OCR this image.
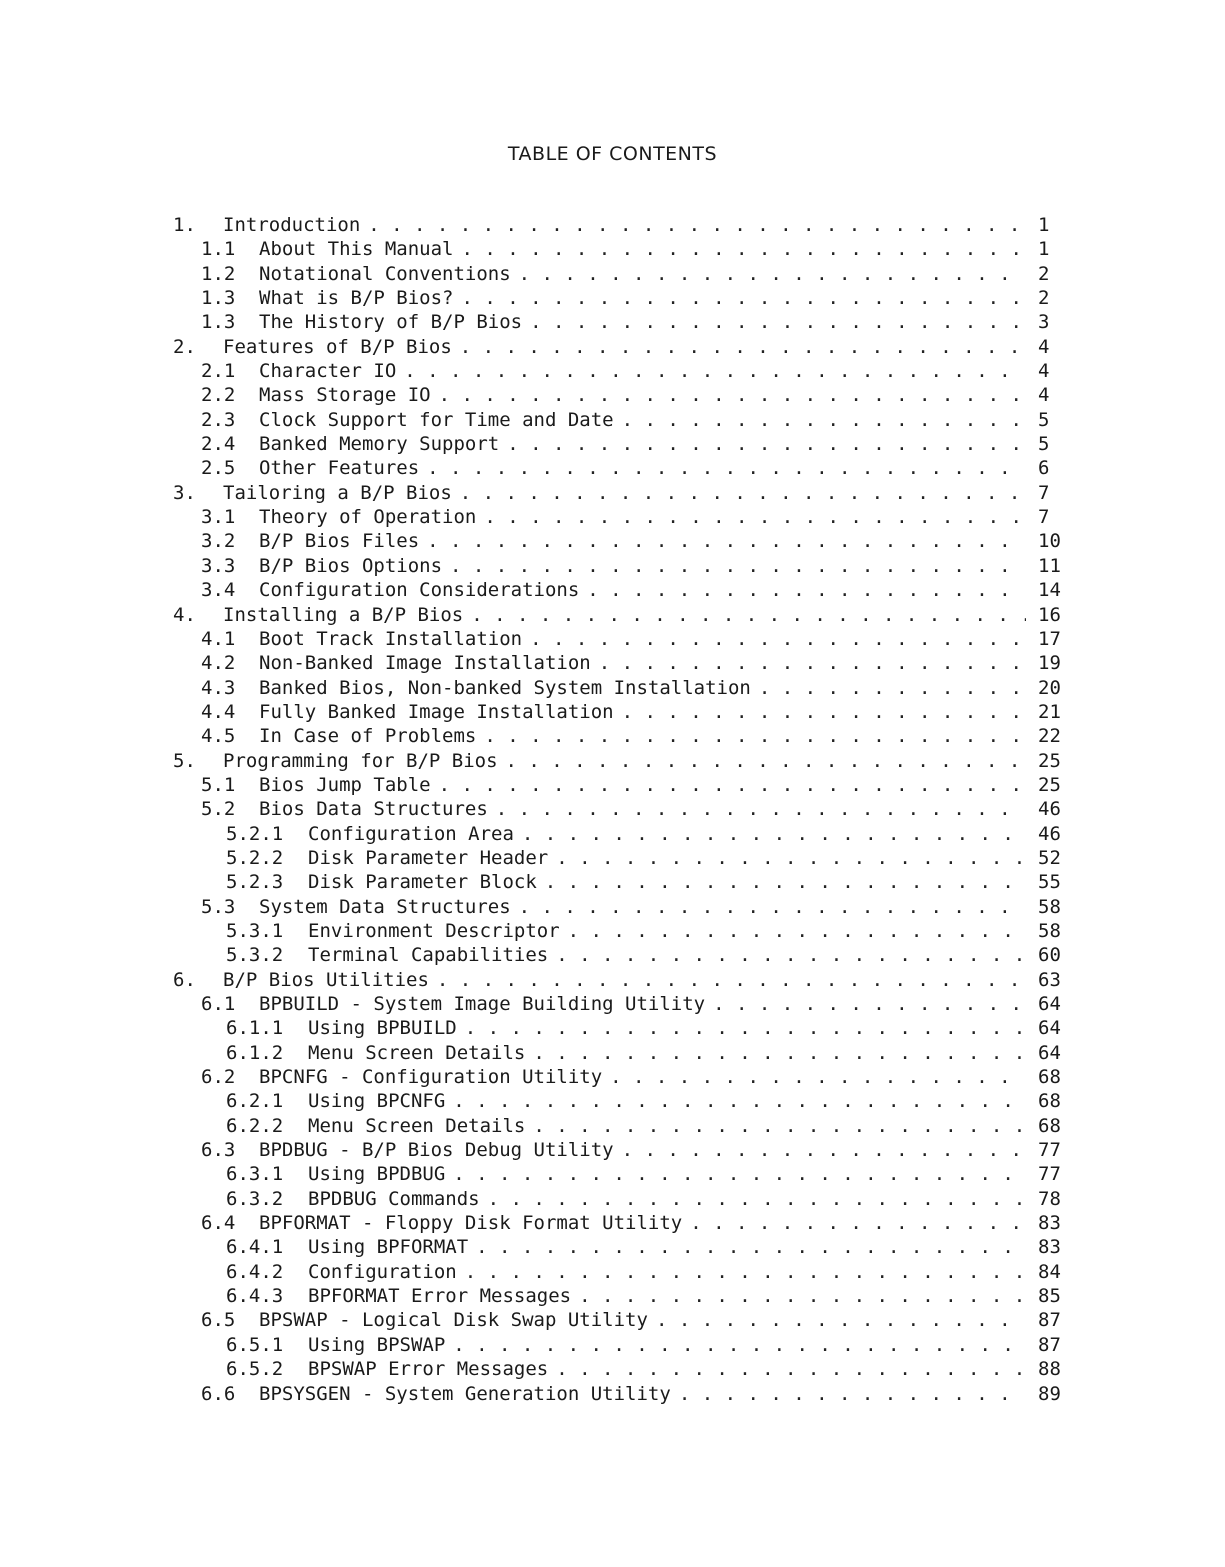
TABLE OF CONTENTS
1.	Introduction . . .	1
1.1	About This Manual . . .	1
1.2	Notational Conventions . . .	2
1.3	What is B/P Bios? . . .	2
1.3	The History of B/P Bios . . .	3
2.	Features of B/P Bios . . .	4
2.1	Character IO . . .	4
2.2	Mass Storage IO . . .	4
2.3	Clock Support for Time and Date . . .	5
2.4	Banked Memory Support . . .	5
2.5	Other Features . . .	6
3.	Tailoring a B/P Bios . . .	7
3.1	Theory of Operation . . .	7
3.2	B/P Bios Files . . .	10
3.3	B/P Bios Options . . .	11
3.4	Configuration Considerations . . .	14
4.	Installing a B/P Bios . . .	16
4.1	Boot Track Installation . . .	17
4.2	Non-Banked Image Installation . . .	19
4.3	Banked Bios, Non-banked System Installation . . .	20
4.4	Fully Banked Image Installation . . .	21
4.5	In Case of Problems . . .	22
5.	Programming for B/P Bios . . .	25
5.1	Bios Jump Table . . .	25
5.2	Bios Data Structures . . .	46
5.2.1	Configuration Area . . .	46
5.2.2	Disk Parameter Header . . .	52
5.2.3	Disk Parameter Block . . .	55
5.3	System Data Structures . . .	58
5.3.1	Environment Descriptor . . .	58
5.3.2	Terminal Capabilities . . .	60
6.	B/P Bios Utilities . . .	63
6.1	BPBUILD - System Image Building Utility . . .	64
6.1.1	Using BPBUILD . . .	64
6.1.2	Menu Screen Details . . .	64
6.2	BPCNFG - Configuration Utility . . .	68
6.2.1	Using BPCNFG . . .	68
6.2.2	Menu Screen Details . . .	68
6.3	BPDBUG - B/P Bios Debug Utility . . .	77
6.3.1	Using BPDBUG . . .	77
6.3.2	BPDBUG Commands . . .	78
6.4	BPFORMAT - Floppy Disk Format Utility . . .	83
6.4.1	Using BPFORMAT . . .	83
6.4.2	Configuration . . .	84
6.4.3	BPFORMAT Error Messages . . .	85
6.5	BPSWAP - Logical Disk Swap Utility . . .	87
6.5.1	Using BPSWAP . . .	87
6.5.2	BPSWAP Error Messages . . .	88
6.6	BPSYSGEN - System Generation Utility . . .	89
